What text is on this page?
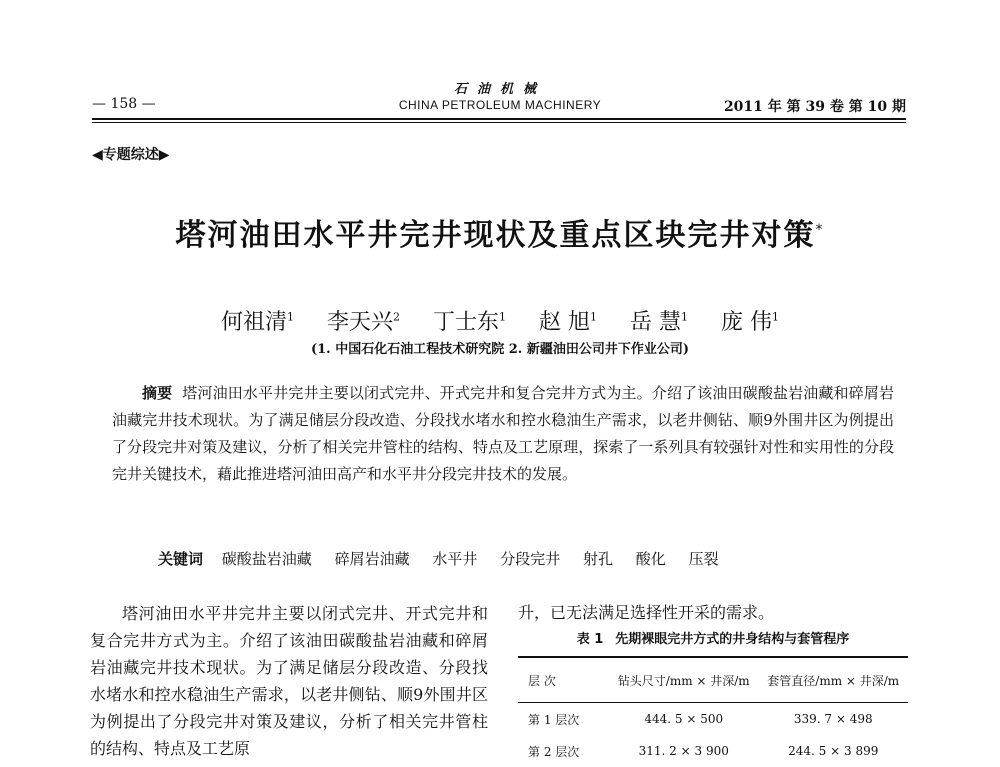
石油机械
— 158 —	CHINA PETROLEUM MACHINERY	2011 年 第 39 卷 第 10 期
◀专题综述▶
塔河油田水平井完井现状及重点区块完井对策*
何祖清$^1$ 李天兴$^2$ 丁士东$^1$ 赵 旭$^1$ 岳 慧$^1$ 庞 伟$^1$
(1. 中国石化石油工程技术研究院 2. 新疆油田公司井下作业公司)
摘要 塔河油田水平井完井主要以闭式完井、开式完井和复合完井方式为主。介绍了该油田碳酸盐岩油藏和碎屑岩油藏完井技术现状。为了满足储层分段改造、分段找水堵水和控水稳油生产需求，以老井侧钻、顺9外围井区为例提出了分段完井对策及建议，分析了相关完井管柱的结构、特点及工艺原理，探索了一系列具有较强针对性和实用性的分段完井关键技术，藉此推进塔河油田高产和水平井分段完井技术的发展。
关键词 碳酸盐岩油藏 碎屑岩油藏 水平井 分段完井 射孔 酸化 压裂
塔河油田水平井完井主要以闭式完井、开式完井和复合完井方式为主。介绍了该油田碳酸盐岩油藏和碎屑岩油藏完井技术现状。为了满足储层分段改造、分段找水堵水和控水稳油生产需求，以老井侧钻、顺9外围井区为例提出了分段完井对策及建议，分析了相关完井管柱的结构、特点及工艺原
升，已无法满足选择性开采的需求。
表 1 先期裸眼完井方式的井身结构与套管程序
层 次	钻头尺寸/mm × 井深/m	套管直径/mm × 井深/m
第 1 层次	444. 5 × 500	339. 7 × 498
第 2 层次	311. 2 × 3 900	244. 5 × 3 899
